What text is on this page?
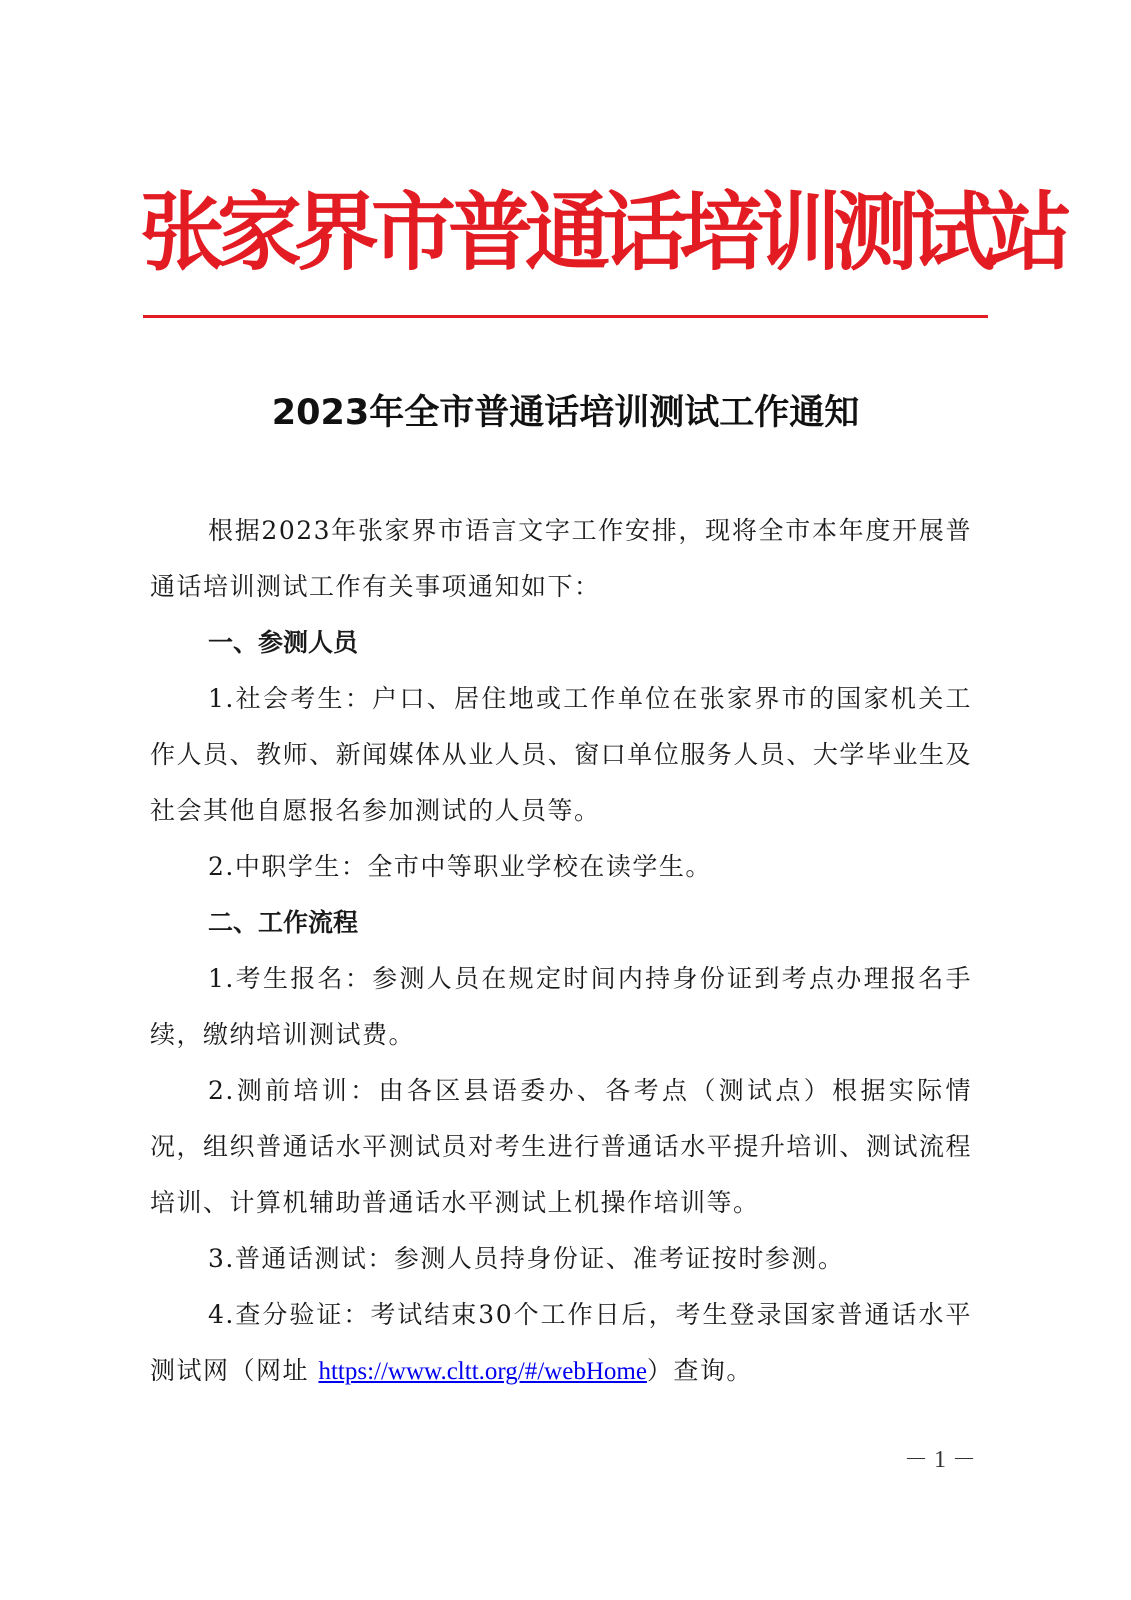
张家界市普通话培训测试站
2023年全市普通话培训测试工作通知

根据2023年张家界市语言文字工作安排，现将全市本年度开展普通话培训测试工作有关事项通知如下：

一、参测人员

1.社会考生：户口、居住地或工作单位在张家界市的国家机关工作人员、教师、新闻媒体从业人员、窗口单位服务人员、大学毕业生及社会其他自愿报名参加测试的人员等。

2.中职学生：全市中等职业学校在读学生。

二、工作流程

1.考生报名：参测人员在规定时间内持身份证到考点办理报名手续，缴纳培训测试费。

2.测前培训：由各区县语委办、各考点（测试点）根据实际情况，组织普通话水平测试员对考生进行普通话水平提升培训、测试流程培训、计算机辅助普通话水平测试上机操作培训等。

3.普通话测试：参测人员持身份证、准考证按时参测。

4.查分验证：考试结束30个工作日后，考生登录国家普通话水平测试网（网址 https://www.cltt.org/#/webHome）查询。

－ 1 －
